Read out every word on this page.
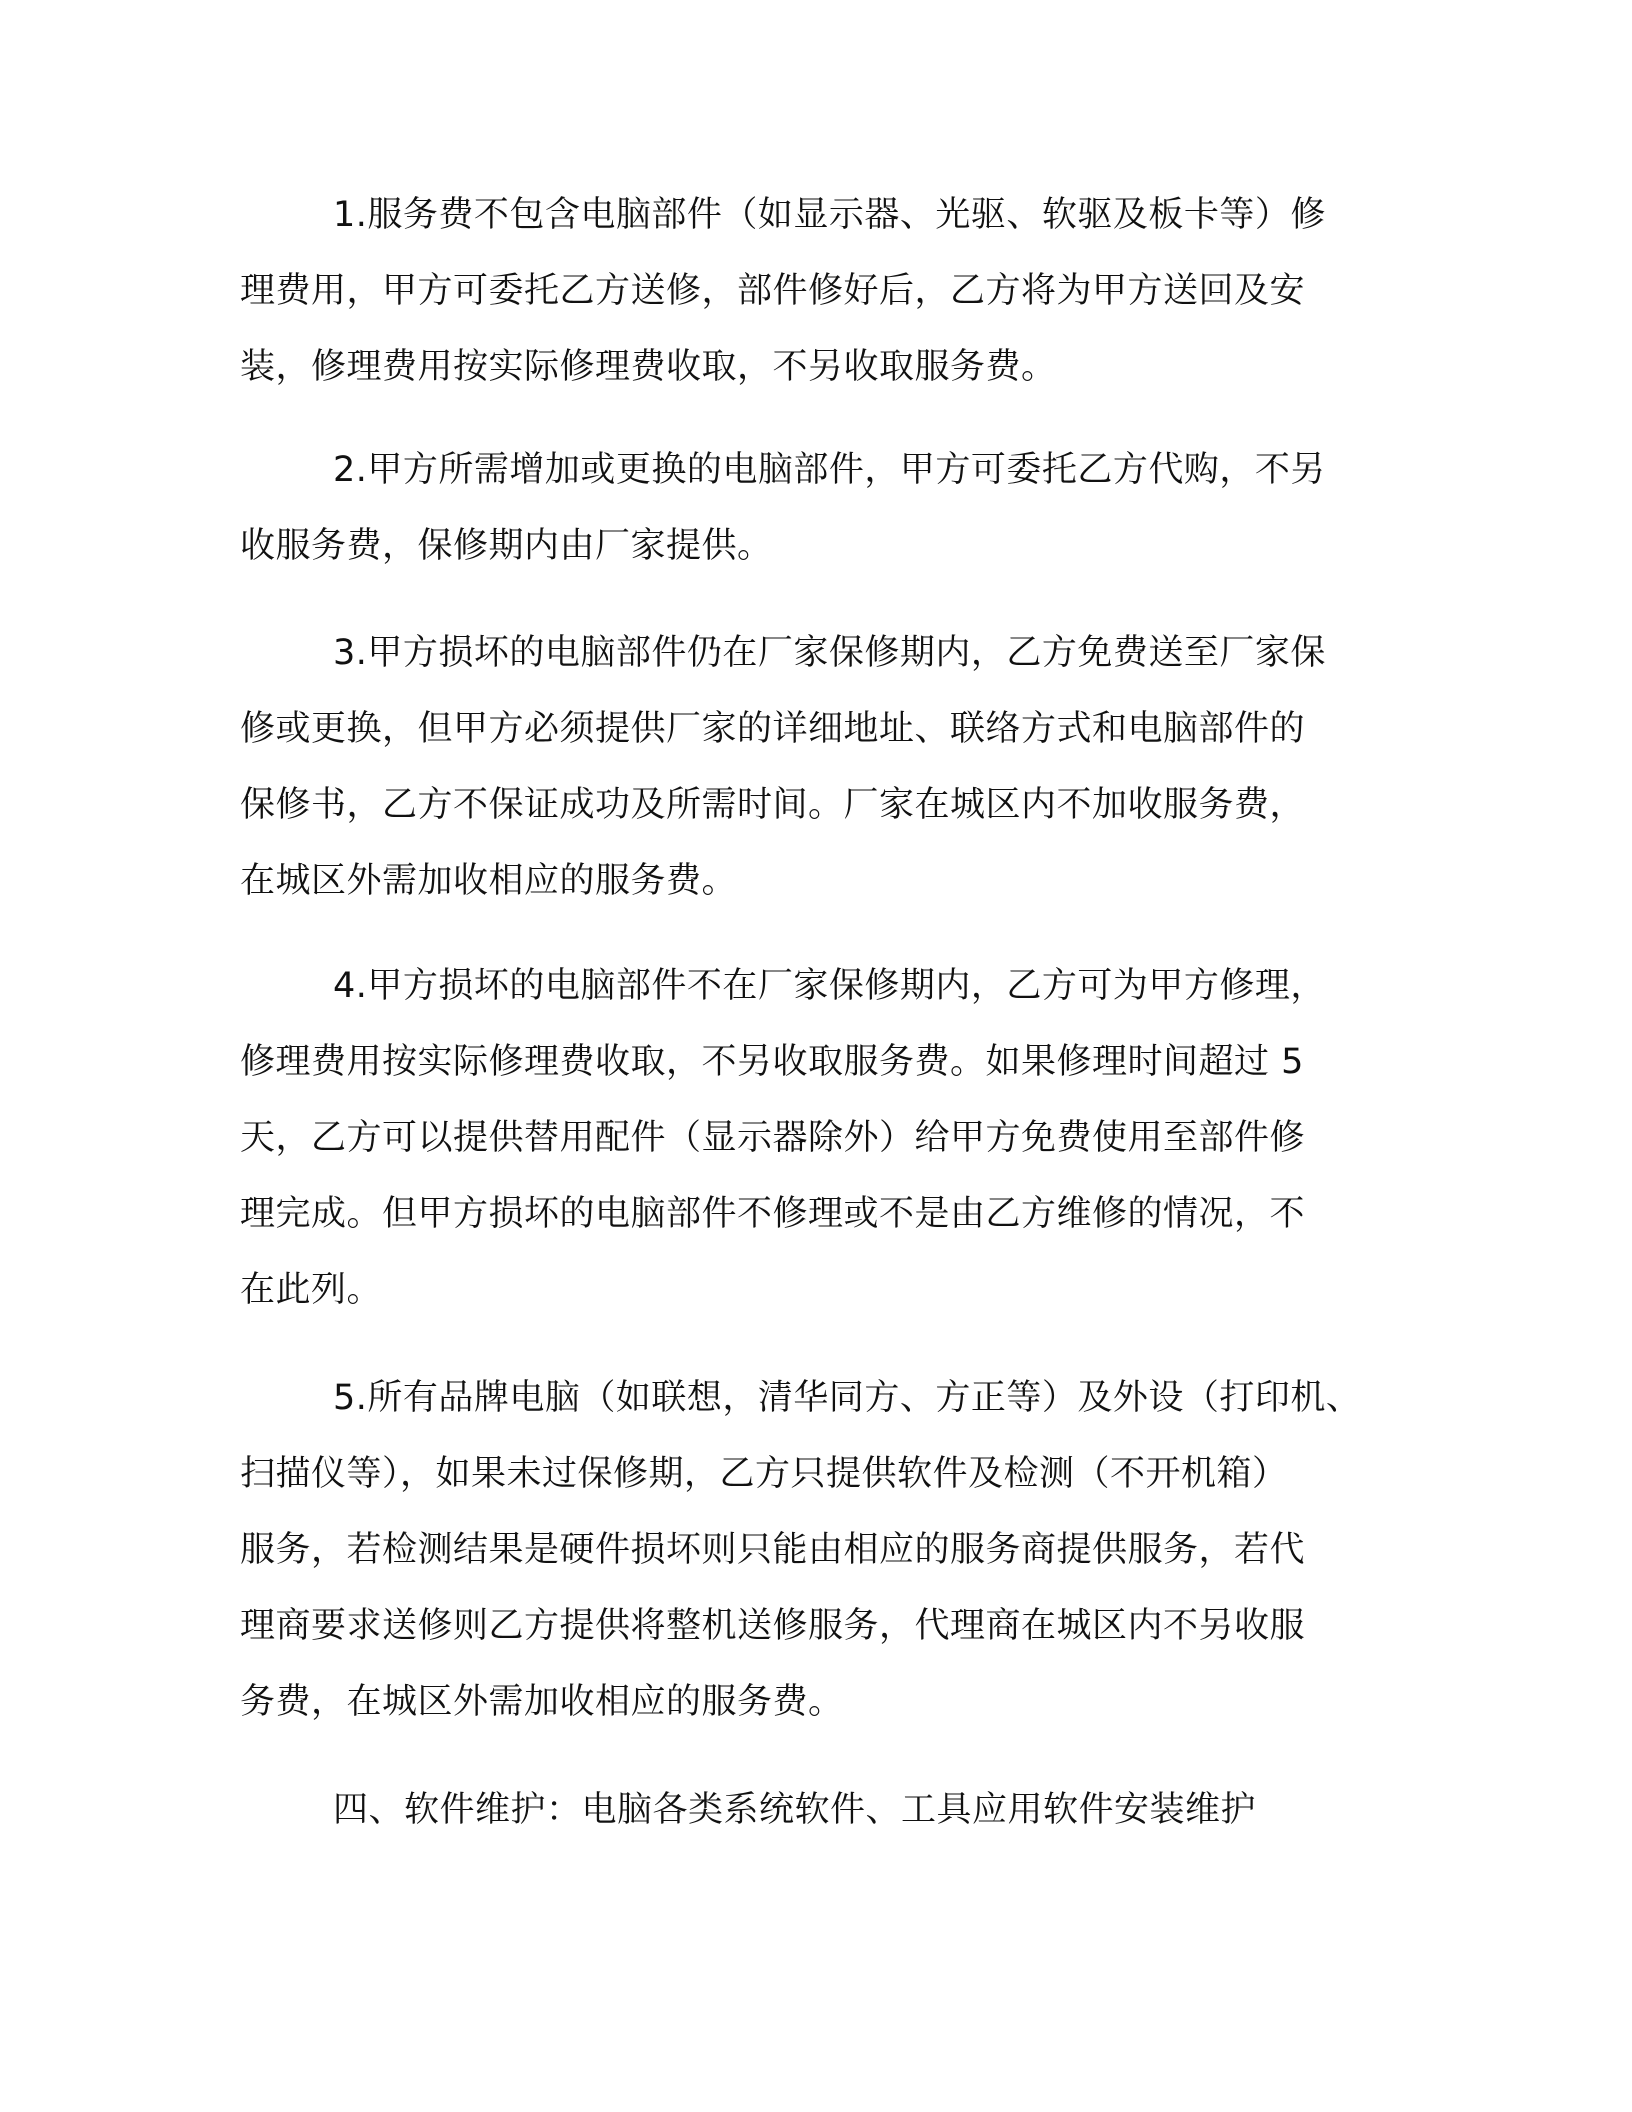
1.服务费不包含电脑部件（如显示器、光驱、软驱及板卡等）修
理费用，甲方可委托乙方送修，部件修好后，乙方将为甲方送回及安
装，修理费用按实际修理费收取，不另收取服务费。
2.甲方所需增加或更换的电脑部件，甲方可委托乙方代购，不另
收服务费，保修期内由厂家提供。
3.甲方损坏的电脑部件仍在厂家保修期内，乙方免费送至厂家保
修或更换，但甲方必须提供厂家的详细地址、联络方式和电脑部件的
保修书，乙方不保证成功及所需时间。厂家在城区内不加收服务费，
在城区外需加收相应的服务费。
4.甲方损坏的电脑部件不在厂家保修期内，乙方可为甲方修理，
修理费用按实际修理费收取，不另收取服务费。如果修理时间超过 5
天，乙方可以提供替用配件（显示器除外）给甲方免费使用至部件修
理完成。但甲方损坏的电脑部件不修理或不是由乙方维修的情况，不
在此列。
5.所有品牌电脑（如联想，清华同方、方正等）及外设（打印机、
扫描仪等），如果未过保修期，乙方只提供软件及检测（不开机箱）
服务，若检测结果是硬件损坏则只能由相应的服务商提供服务，若代
理商要求送修则乙方提供将整机送修服务，代理商在城区内不另收服
务费，在城区外需加收相应的服务费。
四、软件维护：电脑各类系统软件、工具应用软件安装维护
